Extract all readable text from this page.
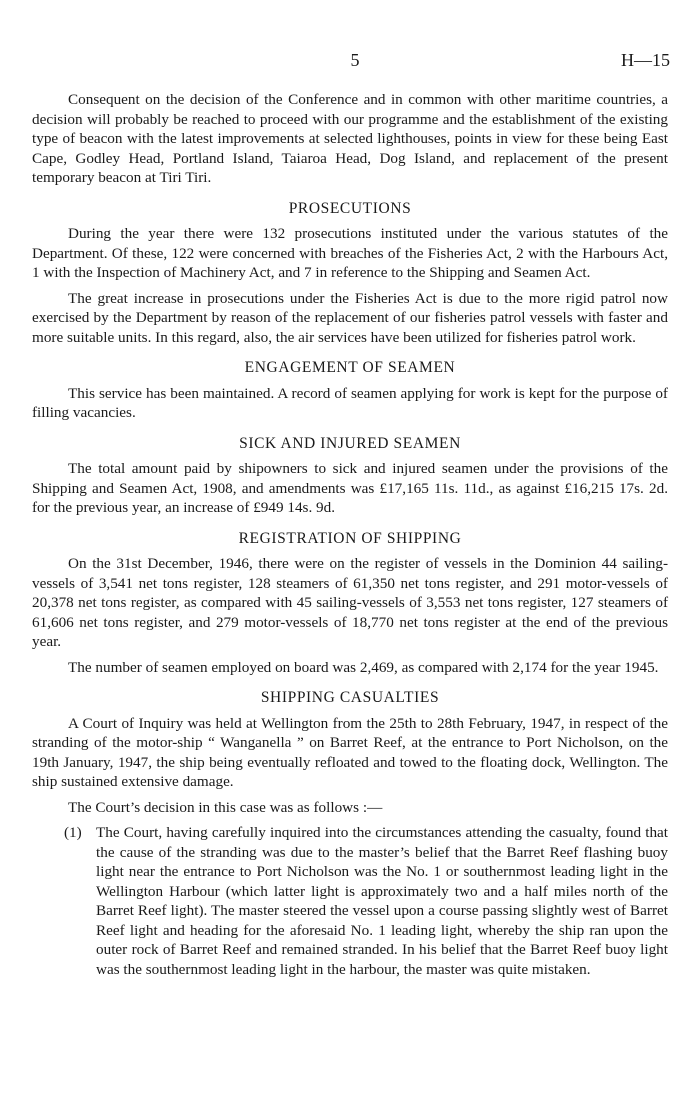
5	H—15

Consequent on the decision of the Conference and in common with other maritime countries, a decision will probably be reached to proceed with our programme and the establishment of the existing type of beacon with the latest improvements at selected lighthouses, points in view for these being East Cape, Godley Head, Portland Island, Taiaroa Head, Dog Island, and replacement of the present temporary beacon at Tiri Tiri.

PROSECUTIONS

During the year there were 132 prosecutions instituted under the various statutes of the Department. Of these, 122 were concerned with breaches of the Fisheries Act, 2 with the Harbours Act, 1 with the Inspection of Machinery Act, and 7 in reference to the Shipping and Seamen Act.

The great increase in prosecutions under the Fisheries Act is due to the more rigid patrol now exercised by the Department by reason of the replacement of our fisheries patrol vessels with faster and more suitable units. In this regard, also, the air services have been utilized for fisheries patrol work.

ENGAGEMENT OF SEAMEN

This service has been maintained. A record of seamen applying for work is kept for the purpose of filling vacancies.

SICK AND INJURED SEAMEN

The total amount paid by shipowners to sick and injured seamen under the provisions of the Shipping and Seamen Act, 1908, and amendments was £17,165 11s. 11d., as against £16,215 17s. 2d. for the previous year, an increase of £949 14s. 9d.

REGISTRATION OF SHIPPING

On the 31st December, 1946, there were on the register of vessels in the Dominion 44 sailing-vessels of 3,541 net tons register, 128 steamers of 61,350 net tons register, and 291 motor-vessels of 20,378 net tons register, as compared with 45 sailing-vessels of 3,553 net tons register, 127 steamers of 61,606 net tons register, and 279 motor-vessels of 18,770 net tons register at the end of the previous year.

The number of seamen employed on board was 2,469, as compared with 2,174 for the year 1945.

SHIPPING CASUALTIES

A Court of Inquiry was held at Wellington from the 25th to 28th February, 1947, in respect of the stranding of the motor-ship “ Wanganella ” on Barret Reef, at the entrance to Port Nicholson, on the 19th January, 1947, the ship being eventually refloated and towed to the floating dock, Wellington. The ship sustained extensive damage.

The Court’s decision in this case was as follows :—

(1) The Court, having carefully inquired into the circumstances attending the casualty, found that the cause of the stranding was due to the master’s belief that the Barret Reef flashing buoy light near the entrance to Port Nicholson was the No. 1 or southernmost leading light in the Wellington Harbour (which latter light is approximately two and a half miles north of the Barret Reef light). The master steered the vessel upon a course passing slightly west of Barret Reef light and heading for the aforesaid No. 1 leading light, whereby the ship ran upon the outer rock of Barret Reef and remained stranded. In his belief that the Barret Reef buoy light was the southernmost leading light in the harbour, the master was quite mistaken.
